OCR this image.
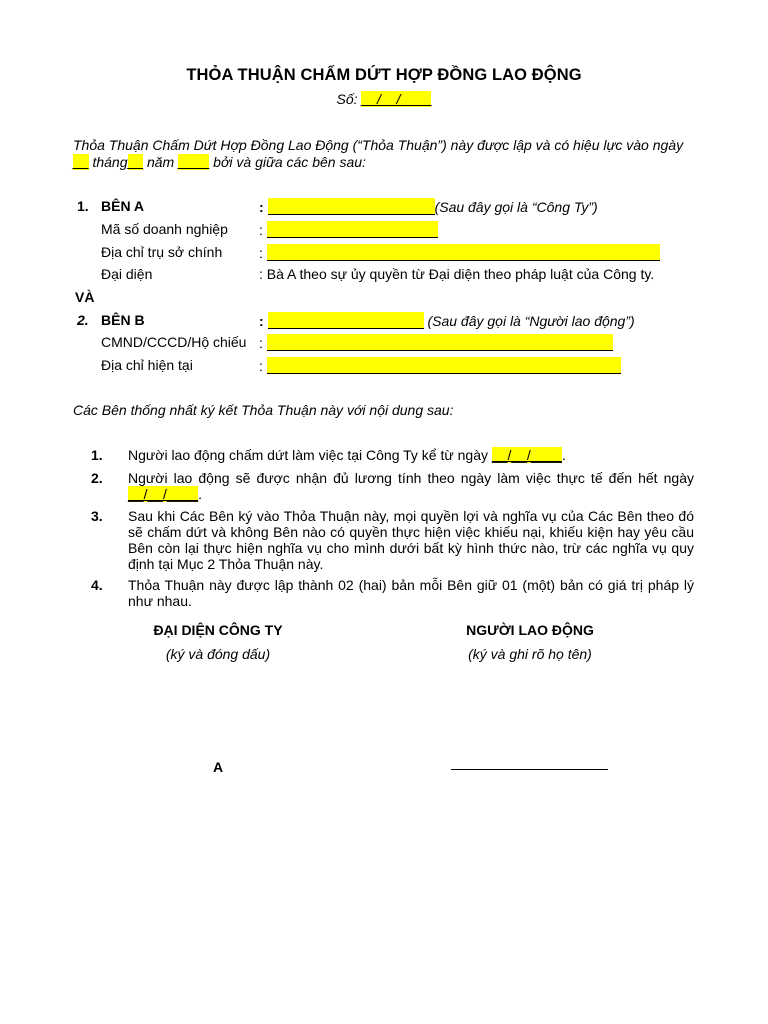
THỎA THUẬN CHẤM DỨT HỢP ĐỒNG LAO ĐỘNG
Số: __/__/____
Thỏa Thuận Chấm Dứt Hợp Đồng Lao Động (“Thỏa Thuận”) này được lập và có hiệu lực vào ngày
__ tháng__ năm ____ bởi và giữa các bên sau:
1. BÊN A	:	(Sau đây gọi là “Công Ty”)
Mã số doanh nghiệp :
Địa chỉ trụ sở chính	:
Đại diện	: Bà A theo sự ủy quyền từ Đại diện theo pháp luật của Công ty.
VÀ
2. BÊN B	:	(Sau đây gọi là “Người lao động”)
CMND/CCCD/Hộ chiếu :
Địa chỉ hiện tại	:
Các Bên thống nhất ký kết Thỏa Thuận này với nội dung sau:
1. Người lao động chấm dứt làm việc tại Công Ty kể từ ngày __/__/____.
2. Người lao động sẽ được nhận đủ lương tính theo ngày làm việc thực tế đến hết ngày __/__/____.
3. Sau khi Các Bên ký vào Thỏa Thuận này, mọi quyền lợi và nghĩa vụ của Các Bên theo đó sẽ chấm dứt và không Bên nào có quyền thực hiện việc khiếu nại, khiếu kiện hay yêu cầu Bên còn lại thực hiện nghĩa vụ cho mình dưới bất kỳ hình thức nào, trừ các nghĩa vụ quy định tại Mục 2 Thỏa Thuận này.
4. Thỏa Thuận này được lập thành 02 (hai) bản mỗi Bên giữ 01 (một) bản có giá trị pháp lý như nhau.
ĐẠI DIỆN CÔNG TY
(ký và đóng dấu)
NGƯỜI LAO ĐỘNG
(ký và ghi rõ họ tên)
A
